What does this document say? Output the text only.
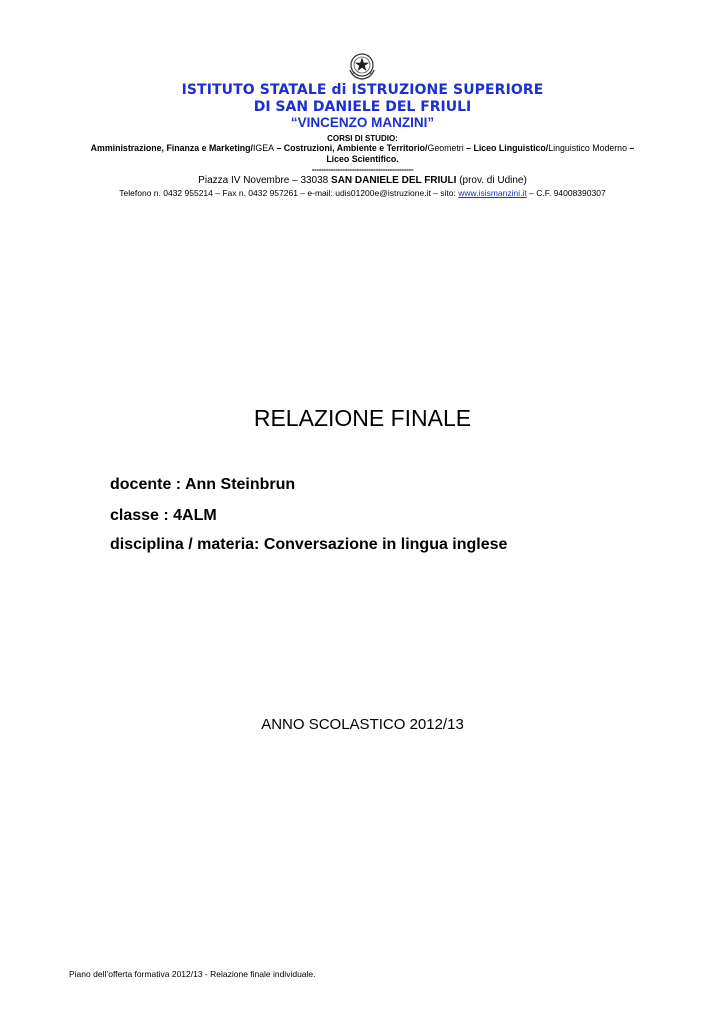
ISTITUTO STATALE di ISTRUZIONE SUPERIORE
DI SAN DANIELE DEL FRIULI
“VINCENZO MANZINI”
CORSI DI STUDIO:
Amministrazione, Finanza e Marketing/IGEA – Costruzioni, Ambiente e Territorio/Geometri – Liceo Linguistico/Linguistico Moderno – Liceo Scientifico.
-------------------------------------------
Piazza IV Novembre – 33038 SAN DANIELE DEL FRIULI (prov. di Udine)
Telefono n. 0432 955214 – Fax n. 0432 957261 – e-mail: udis01200e@istruzione.it – sito: www.isismanzini.it – C.F. 94008390307
RELAZIONE FINALE
docente : Ann Steinbrun
classe : 4ALM
disciplina / materia: Conversazione in lingua inglese
ANNO SCOLASTICO 2012/13
Piano dell’offerta formativa 2012/13 - Relazione finale individuale.
